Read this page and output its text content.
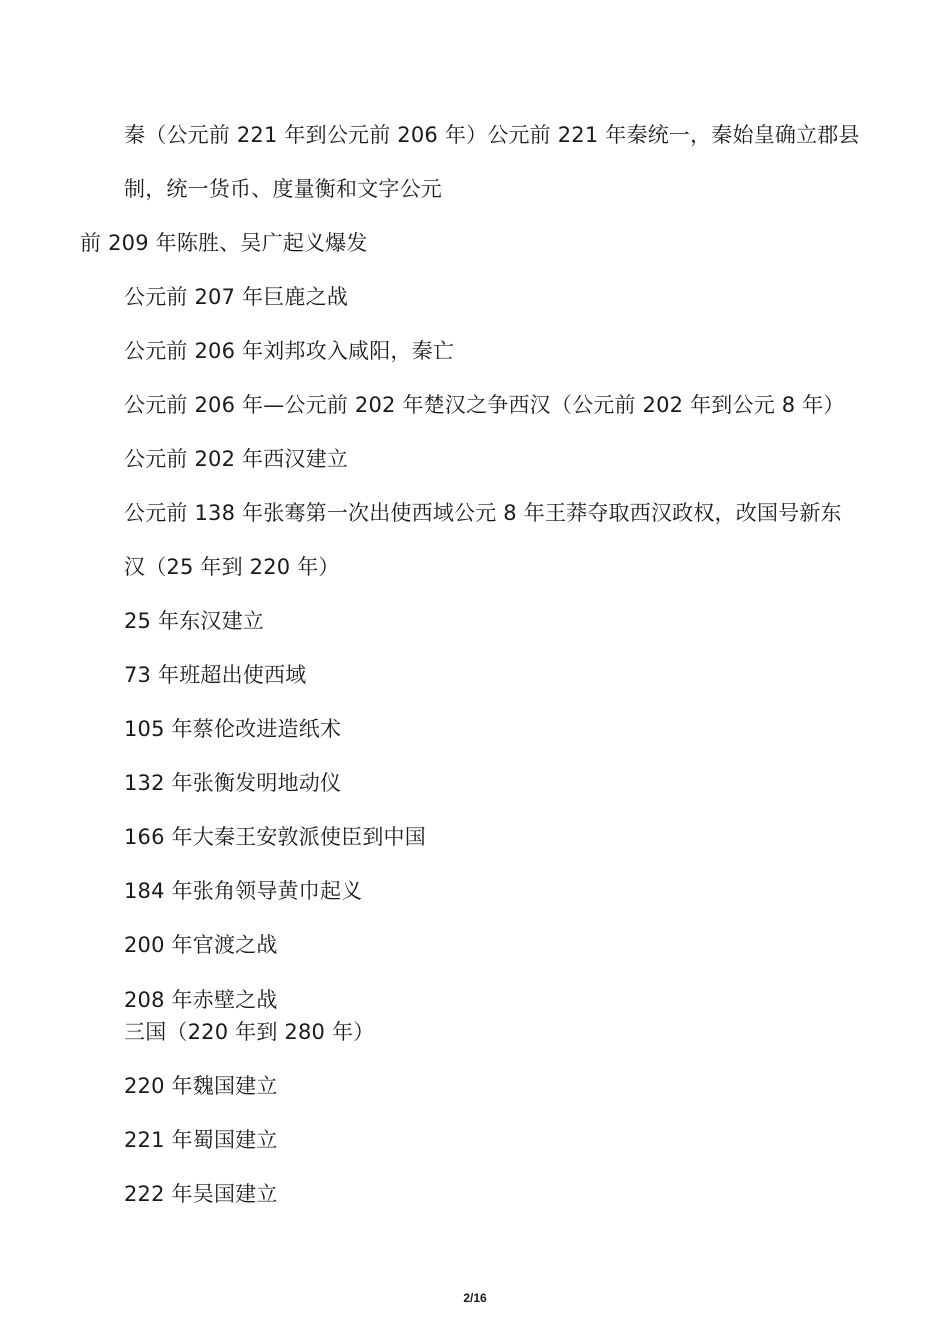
秦（公元前 221 年到公元前 206 年）公元前 221 年秦统一，秦始皇确立郡县
制，统一货币、度量衡和文字公元
前 209 年陈胜、吴广起义爆发
公元前 207 年巨鹿之战
公元前 206 年刘邦攻入咸阳，秦亡
公元前 206 年—公元前 202 年楚汉之争西汉（公元前 202 年到公元 8 年）
公元前 202 年西汉建立
公元前 138 年张骞第一次出使西域公元 8 年王莽夺取西汉政权，改国号新东
汉（25 年到 220 年）
25 年东汉建立
73 年班超出使西域
105 年蔡伦改进造纸术
132 年张衡发明地动仪
166 年大秦王安敦派使臣到中国
184 年张角领导黄巾起义
200 年官渡之战
208 年赤壁之战
三国（220 年到 280 年）
220 年魏国建立
221 年蜀国建立
222 年吴国建立
2/16
